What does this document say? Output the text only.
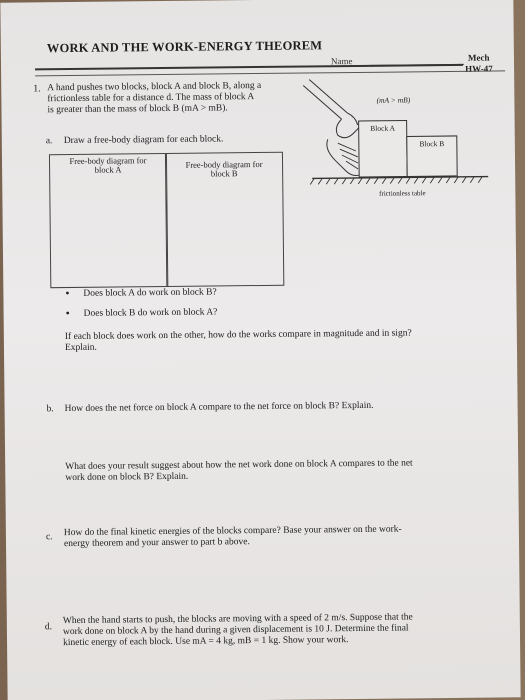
WORK AND THE WORK-ENERGY THEOREM
Name	Mech
HW-47
1. A hand pushes two blocks, block A and block B, along a
frictionless table for a distance d. The mass of block A
is greater than the mass of block B (mA > mB).
Block A
Block B
(mA > mB)
frictionless table
a. Draw a free-body diagram for each block.
Free-body diagram for
block A	Free-body diagram for
block B
• Does block A do work on block B?
• Does block B do work on block A?
If each block does work on the other, how do the works compare in magnitude and in sign?
Explain.
b. How does the net force on block A compare to the net force on block B? Explain.
What does your result suggest about how the net work done on block A compares to the net
work done on block B? Explain.
c. How do the final kinetic energies of the blocks compare? Base your answer on the work-
energy theorem and your answer to part b above.
d.
When the hand starts to push, the blocks are moving with a speed of 2 m/s. Suppose that the
work done on block A by the hand during a given displacement is 10 J. Determine the final
kinetic energy of each block. Use mA = 4 kg, mB = 1 kg. Show your work.
